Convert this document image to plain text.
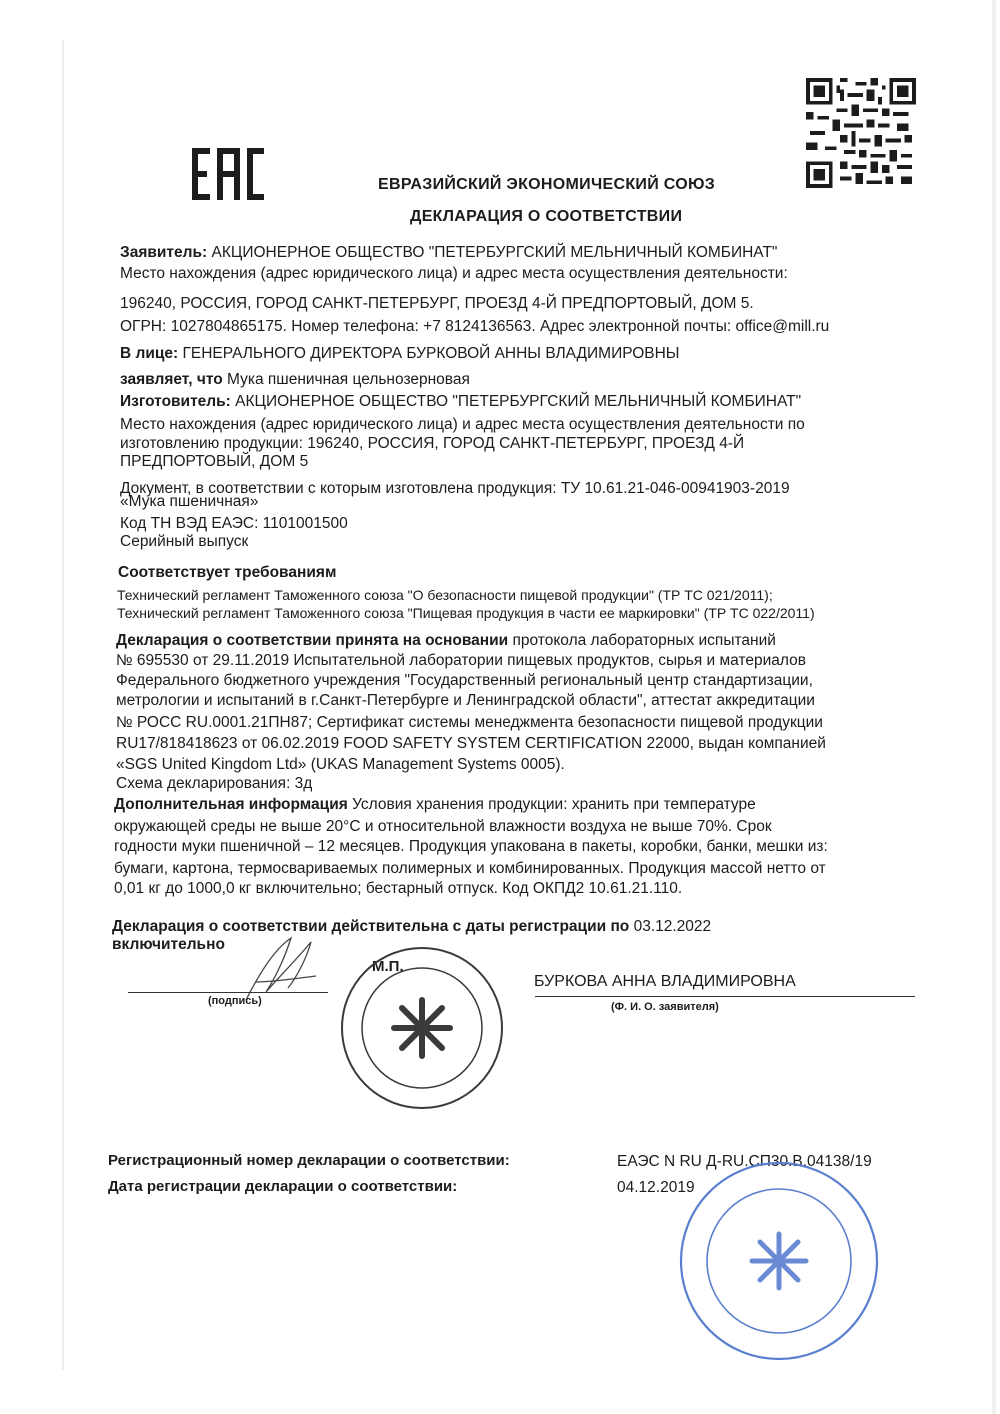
ЕВРАЗИЙСКИЙ ЭКОНОМИЧЕСКИЙ СОЮЗ
ДЕКЛАРАЦИЯ О СООТВЕТСТВИИ
Заявитель: АКЦИОНЕРНОЕ ОБЩЕСТВО "ПЕТЕРБУРГСКИЙ МЕЛЬНИЧНЫЙ КОМБИНАТ"
Место нахождения (адрес юридического лица) и адрес места осуществления деятельности:
196240, РОССИЯ, ГОРОД САНКТ-ПЕТЕРБУРГ, ПРОЕЗД 4-Й ПРЕДПОРТОВЫЙ, ДОМ 5.
ОГРН: 1027804865175. Номер телефона: +7 8124136563. Адрес электронной почты: office@mill.ru
В лице: ГЕНЕРАЛЬНОГО ДИРЕКТОРА БУРКОВОЙ АННЫ ВЛАДИМИРОВНЫ
заявляет, что Мука пшеничная цельнозерновая
Изготовитель: АКЦИОНЕРНОЕ ОБЩЕСТВО "ПЕТЕРБУРГСКИЙ МЕЛЬНИЧНЫЙ КОМБИНАТ"
Место нахождения (адрес юридического лица) и адрес места осуществления деятельности по
изготовлению продукции: 196240, РОССИЯ, ГОРОД САНКТ-ПЕТЕРБУРГ, ПРОЕЗД 4-Й
ПРЕДПОРТОВЫЙ, ДОМ 5
Документ, в соответствии с которым изготовлена продукция: ТУ 10.61.21-046-00941903-2019
«Мука пшеничная»
Код ТН ВЭД ЕАЭС: 1101001500
Серийный выпуск
Соответствует требованиям
Технический регламент Таможенного союза "О безопасности пищевой продукции" (ТР ТС 021/2011);
Технический регламент Таможенного союза "Пищевая продукция в части ее маркировки" (ТР ТС 022/2011)
Декларация о соответствии принята на основании протокола лабораторных испытаний
№ 695530 от 29.11.2019 Испытательной лаборатории пищевых продуктов, сырья и материалов
Федерального бюджетного учреждения "Государственный региональный центр стандартизации,
метрологии и испытаний в г.Санкт-Петербурге и Ленинградской области", аттестат аккредитации
№ РОСС RU.0001.21ПН87; Сертификат системы менеджмента безопасности пищевой продукции
RU17/818418623 от 06.02.2019 FOOD SAFETY SYSTEM CERTIFICATION 22000, выдан компанией
«SGS United Kingdom Ltd» (UKAS Management Systems 0005).
Схема декларирования: 3д
Дополнительная информация Условия хранения продукции: хранить при температуре
окружающей среды не выше 20°С и относительной влажности воздуха не выше 70%. Срок
годности муки пшеничной – 12 месяцев. Продукция упакована в пакеты, коробки, банки, мешки из:
бумаги, картона, термосвариваемых полимерных и комбинированных. Продукция массой нетто от
0,01 кг до 1000,0 кг включительно; бестарный отпуск. Код ОКПД2 10.61.21.110.
Декларация о соответствии действительна с даты регистрации по 03.12.2022
включительно
М.П.
БУРКОВА АННА ВЛАДИМИРОВНА
(подпись)	(Ф. И. О. заявителя)
Регистрационный номер декларации о соответствии:	ЕАЭС N RU Д-RU.СП30.В.04138/19
Дата регистрации декларации о соответствии:	04.12.2019
